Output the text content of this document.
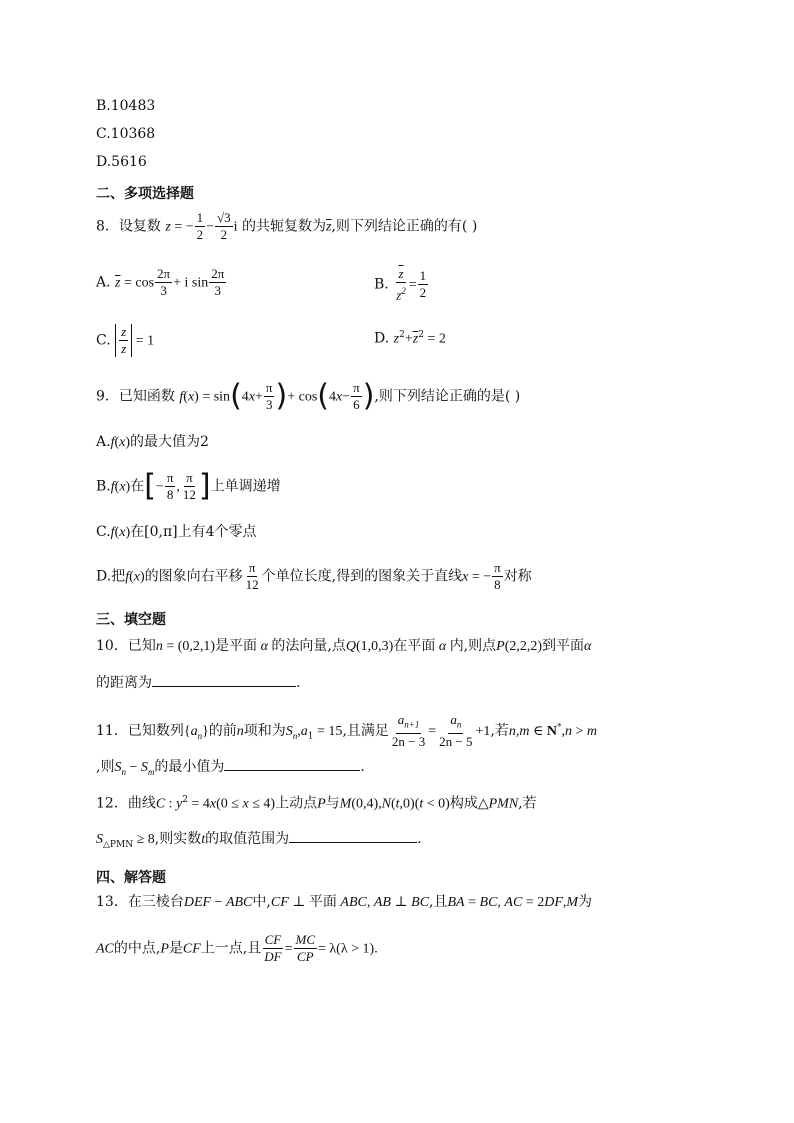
B.10483
C.10368
D.5616
二、多项选择题
8．设复数 z = − $\frac{1}{2} - \frac{√3}{2}$ i 的共轭复数为$\overline{z}$,则下列结论正确的有( )
A. $\overline{z} = \cos \frac{2\pi}{3} + i$ $\sin \frac{2\pi}{3}$	B. $\frac{\overline{z}}{z^2} = \frac{1}{2}$
C. $\frac{z}{z} = 1$	D. $z^2+\overline{z}^2 = 2$
9．已知函数 $f(x) = \sin(4x+ \frac{\pi}{3}$ )+ $\cos(4x- \frac{\pi}{6}$ ),则下列结论正确的是( )
A.f(x)的最大值为2
B.f(x)在[− $\frac{\pi}{8}$ , $\frac{\pi}{12}$ ]上单调递增
C.f(x)在[0,π]上有4个零点
D.把f(x)的图象向右平移 $\frac{\pi}{12}$ 个单位长度,得到的图象关于直线x = − $\frac{\pi}{8}$ 对称
三、填空题
10．已知n = (0,2,1)是平面 α 的法向量,点Q(1,0,3)在平面 α 内,则点P(2,2,2)到平面α
的距离为	.
11．已知数列$\{a_n\}$的前n项和为$S_n,a_1 = 15$,且满足 $\frac{a_{n+1}}{2n - 3} = \frac{a_n}{2n - 5} +1$,若n,m ∈ N*,n > m
,则$S_n - S_m$的最小值为	.
12．曲线C : $y^2 = 4x(0 \le x \le 4)$上动点P与M(0,4),N(t,0)(t < 0)构成△PMN,若
$S_{\triangle PMN} \ge 8$,则实数t的取值范围为	.
四、解答题
13．在三棱台DEF − ABC中,CF ⊥ 平面 ABC, AB ⊥ BC,且BA = BC, AC = 2DF,M为
AC的中点,P是CF上一点,且 $\frac{CF}{DF} = \frac{MC}{CP} = \lambda(\lambda > 1)$.
